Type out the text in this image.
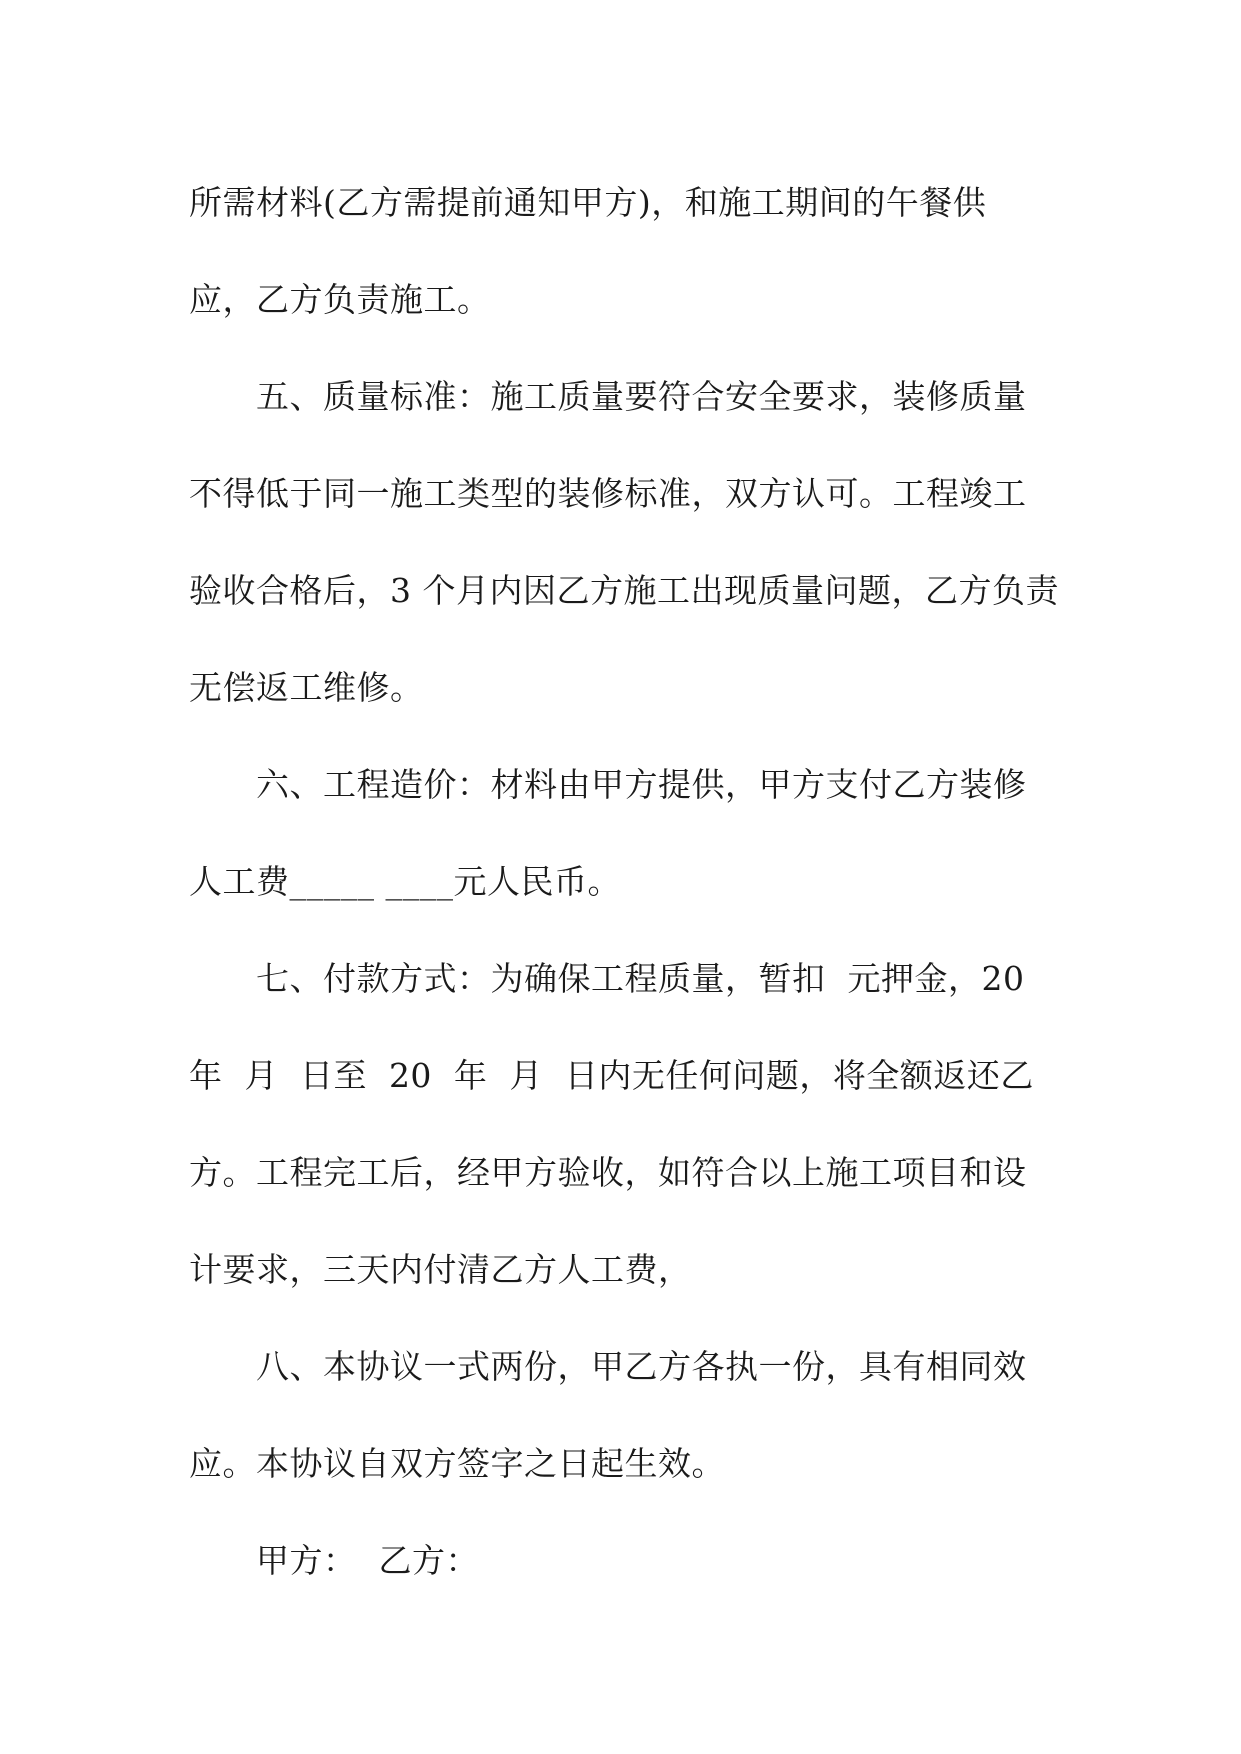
所需材料(乙方需提前通知甲方)，和施工期间的午餐供
应，乙方负责施工。
五、质量标准：施工质量要符合安全要求，装修质量
不得低于同一施工类型的装修标准，双方认可。工程竣工
验收合格后，3 个月内因乙方施工出现质量问题，乙方负责
无偿返工维修。
六、工程造价：材料由甲方提供，甲方支付乙方装修
人工费_____ ____元人民币。
七、付款方式：为确保工程质量，暂扣  元押金，20
年  月  日至  20  年  月  日内无任何问题，将全额返还乙
方。工程完工后，经甲方验收，如符合以上施工项目和设
计要求，三天内付清乙方人工费，
八、本协议一式两份，甲乙方各执一份，具有相同效
应。本协议自双方签字之日起生效。
甲方：  乙方：
